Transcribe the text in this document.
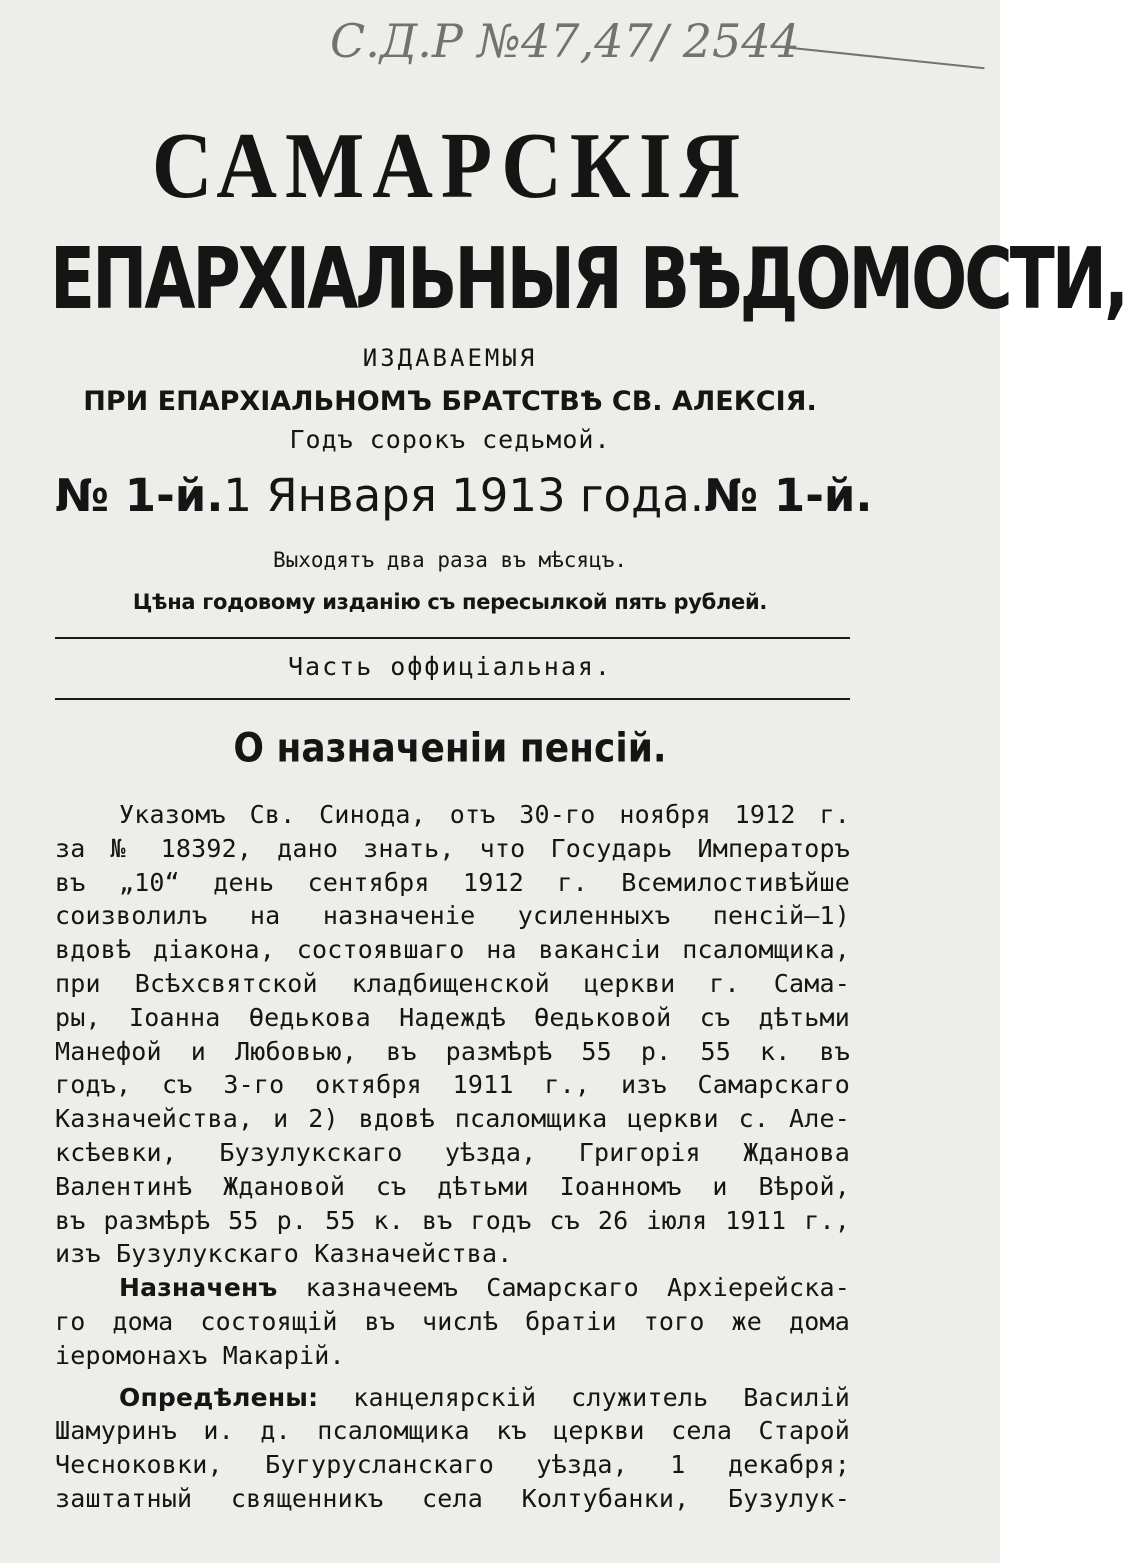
С.Д.Р №47,47/ 2544
САМАРСКІЯ
ЕПАРХІАЛЬНЫЯ ВѢДОМОСТИ,
ИЗДАВАЕМЫЯ
ПРИ ЕПАРХІАЛЬНОМЪ БРАТСТВѢ СВ. АЛЕКСІЯ.
Годъ сорокъ седьмой.
№ 1-й. 1 Января 1913 года. № 1-й.
Выходятъ два раза въ мѣсяцъ.
Цѣна годовому изданію съ пересылкой пять рублей.
Часть оффиціальная.
О назначеніи пенсій.

Указомъ Св. Синода, отъ 30-го ноября 1912 г.
за № 18392, дано знать, что Государь Императоръ
въ „10“ день сентября 1912 г. Всемилостивѣйше
соизволилъ на назначеніе усиленныхъ пенсій—1)
вдовѣ діакона, состоявшаго на вакансіи псаломщика,
при Всѣхсвятской кладбищенской церкви г. Сама-
ры, Іоанна Ѳедькова Надеждѣ Ѳедьковой съ дѣтьми
Манефой и Любовью, въ размѣрѣ 55 р. 55 к. въ
годъ, съ 3-го октября 1911 г., изъ Самарскаго
Казначейства, и 2) вдовѣ псаломщика церкви с. Але-
ксѣевки, Бузулукскаго уѣзда, Григорія Жданова
Валентинѣ Ждановой съ дѣтьми Іоанномъ и Вѣрой,
въ размѣрѣ 55 р. 55 к. въ годъ съ 26 іюля 1911 г.,
изъ Бузулукскаго Казначейства.

Назначенъ казначеемъ Самарскаго Архіерейска-
го дома состоящій въ числѣ братіи того же дома
іеромонахъ Макарій.

Опредѣлены: канцелярскій служитель Василій
Шамуринъ и. д. псаломщика къ церкви села Старой
Чесноковки, Бугурусланскаго уѣзда, 1 декабря;
заштатный священникъ села Колтубанки, Бузулук-
